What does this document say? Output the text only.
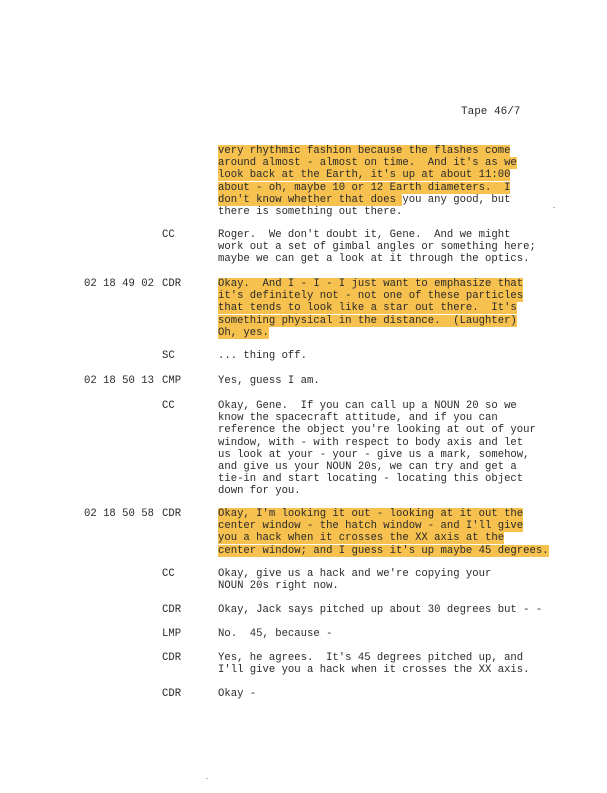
Tape 46/7
very rhythmic fashion because the flashes come
around almost - almost on time.  And it's as we
look back at the Earth, it's up at about 11:00
about - oh, maybe 10 or 12 Earth diameters.  I
don't know whether that does you any good, but
there is something out there.
CC	Roger.  We don't doubt it, Gene.  And we might
work out a set of gimbal angles or something here;
maybe we can get a look at it through the optics.
02 18 49 02 CDR	Okay.  And I - I - I just want to emphasize that
it's definitely not - not one of these particles
that tends to look like a star out there.  It's
something physical in the distance.  (Laughter)
Oh, yes.
SC	... thing off.
02 18 50 13 CMP	Yes, guess I am.
CC	Okay, Gene.  If you can call up a NOUN 20 so we
know the spacecraft attitude, and if you can
reference the object you're looking at out of your
window, with - with respect to body axis and let
us look at your - your - give us a mark, somehow,
and give us your NOUN 20s, we can try and get a
tie-in and start locating - locating this object
down for you.
02 18 50 58 CDR	Okay, I'm looking it out - looking at it out the
center window - the hatch window - and I'll give
you a hack when it crosses the XX axis at the
center window; and I guess it's up maybe 45 degrees.
CC	Okay, give us a hack and we're copying your
NOUN 20s right now.
CDR	Okay, Jack says pitched up about 30 degrees but - -
LMP	No.  45, because -
CDR	Yes, he agrees.  It's 45 degrees pitched up, and
I'll give you a hack when it crosses the XX axis.
CDR	Okay -
